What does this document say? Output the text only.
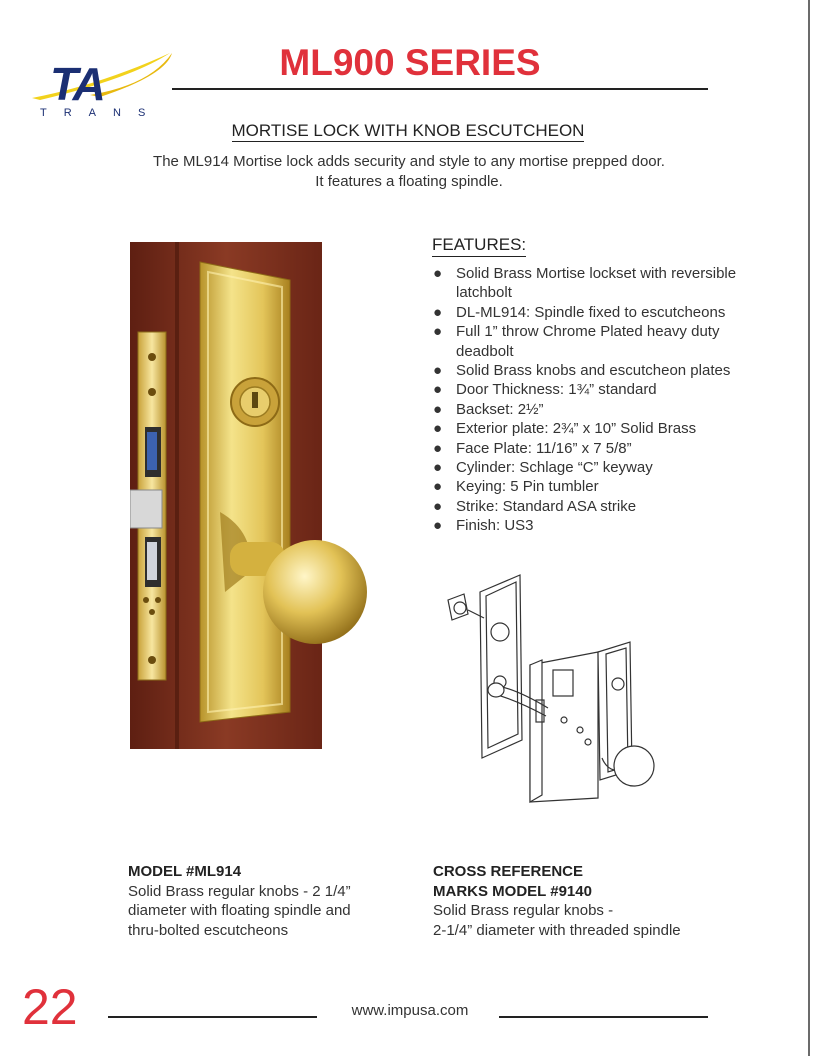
TA
TRANS
ML900 SERIES
MORTISE LOCK WITH KNOB ESCUTCHEON
The ML914 Mortise lock adds security and style to any mortise prepped door.
It features a floating spindle.
FEATURES:
● Solid Brass Mortise lockset with reversible latchbolt
● DL-ML914: Spindle fixed to escutcheons
● Full 1” throw Chrome Plated heavy duty deadbolt
● Solid Brass knobs and escutcheon plates
● Door Thickness: 1¾” standard
● Backset: 2½”
● Exterior plate: 2¾” x 10” Solid Brass
● Face Plate: 11/16” x 7 5/8”
● Cylinder: Schlage “C” keyway
● Keying: 5 Pin tumbler
● Strike: Standard ASA strike
● Finish: US3
MODEL #ML914
Solid Brass regular knobs - 2 1/4”
diameter with floating spindle and
thru-bolted escutcheons
CROSS REFERENCE
MARKS MODEL #9140
Solid Brass regular knobs -
2-1/4” diameter with threaded spindle
22	www.impusa.com
